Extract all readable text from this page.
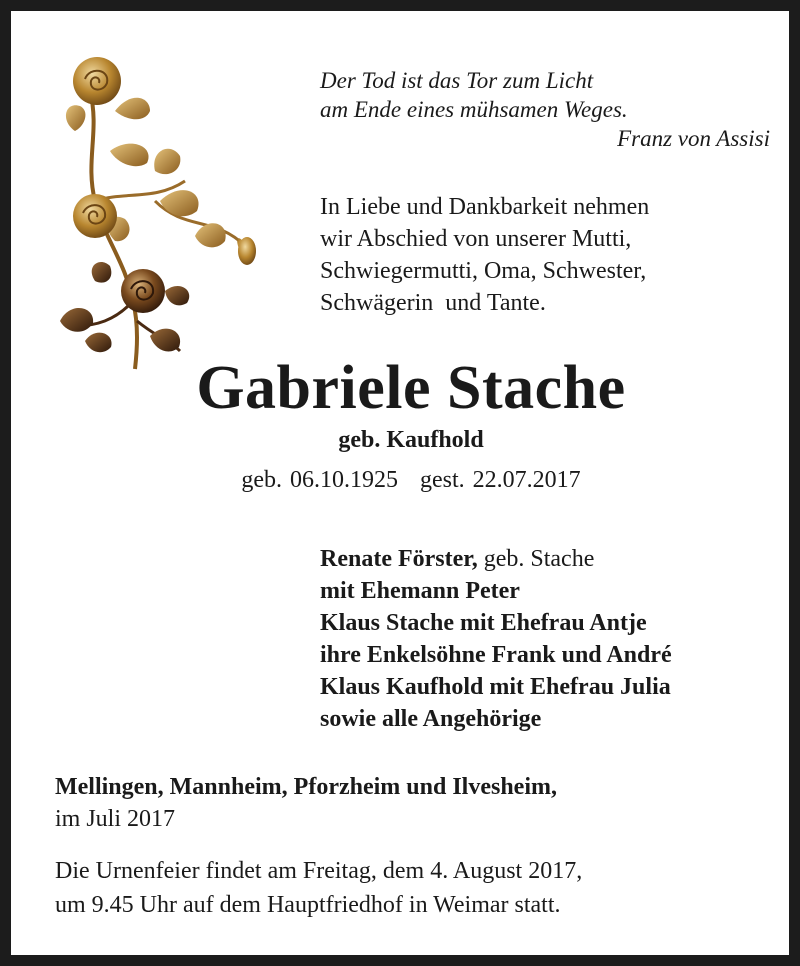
Der Tod ist das Tor zum Licht
am Ende eines mühsamen Weges.
Franz von Assisi
In Liebe und Dankbarkeit nehmen
wir Abschied von unserer Mutti,
Schwiegermutti, Oma, Schwester,
Schwägerin  und Tante.
Gabriele Stache
geb. Kaufhold
geb. 06.10.1925 gest. 22.07.2017
Renate Förster, geb. Stache
mit Ehemann Peter
Klaus Stache mit Ehefrau Antje
ihre Enkelsöhne Frank und André
Klaus Kaufhold mit Ehefrau Julia
sowie alle Angehörige
Mellingen, Mannheim, Pforzheim und Ilvesheim,
im Juli 2017
Die Urnenfeier findet am Freitag, dem 4. August 2017,
um 9.45 Uhr auf dem Hauptfriedhof in Weimar statt.
